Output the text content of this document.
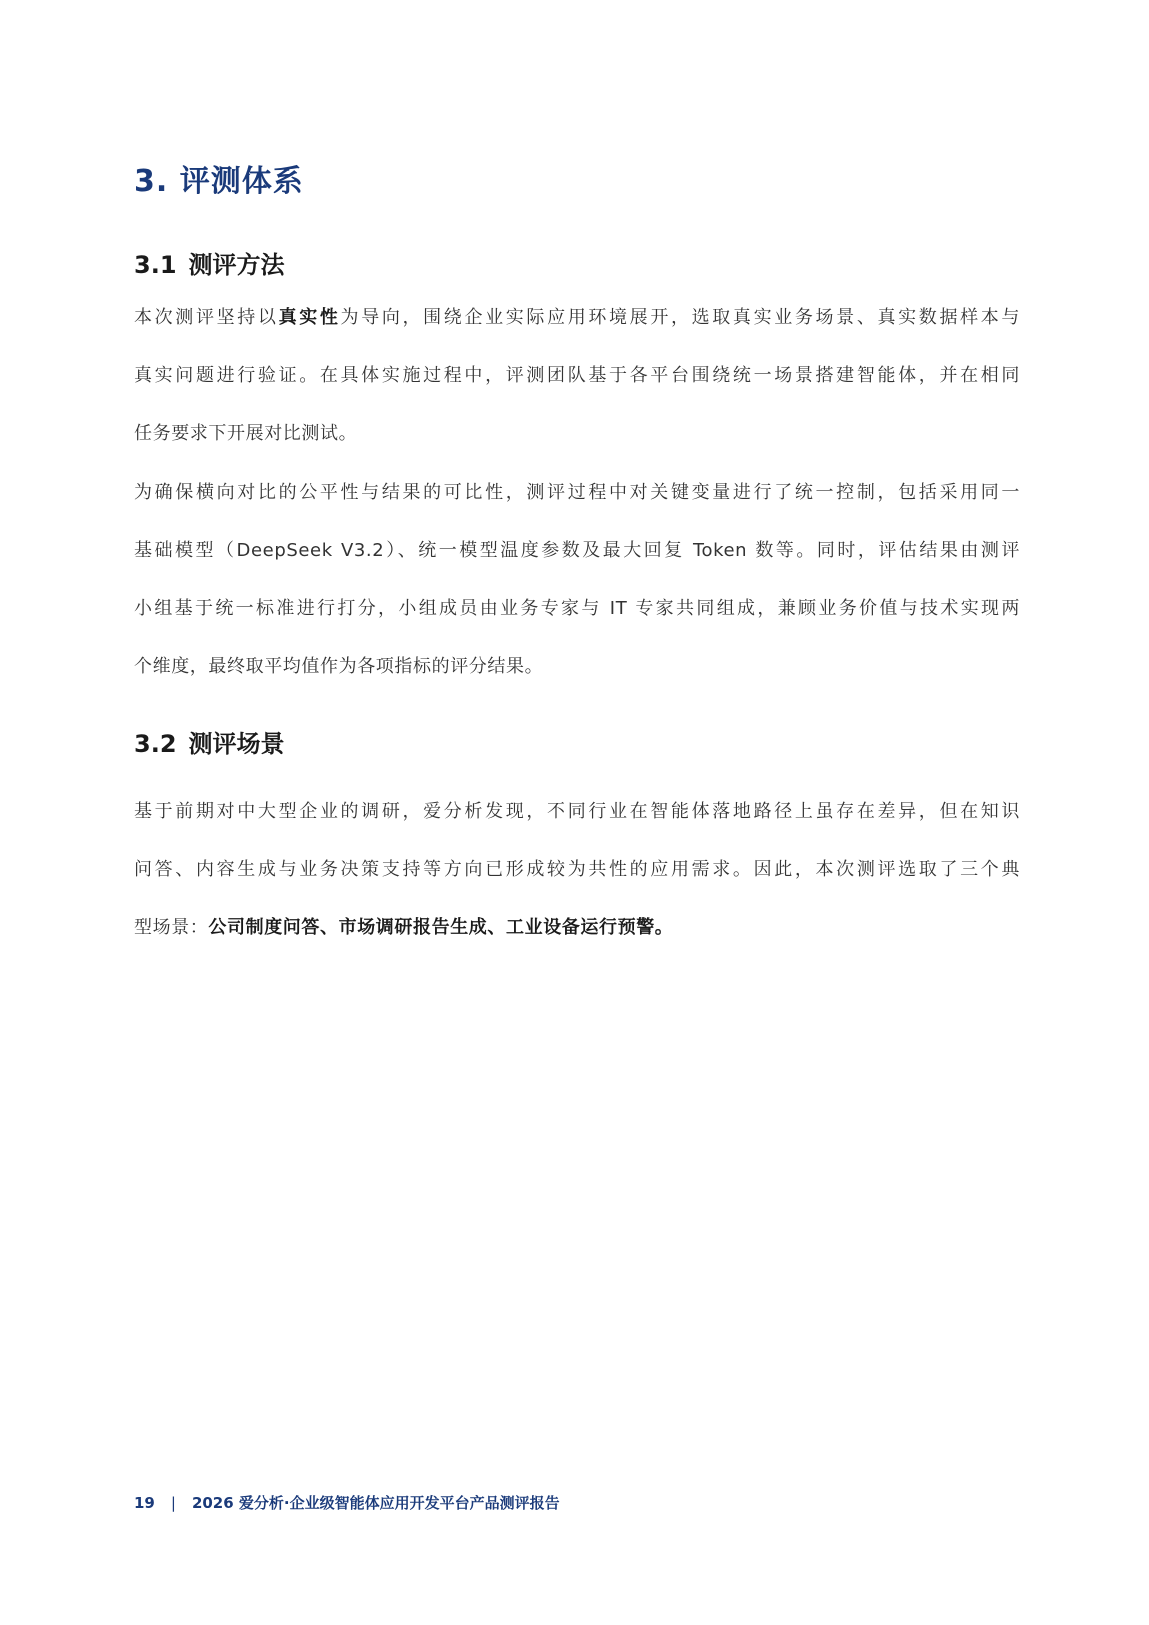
3. 评测体系
3.1 测评方法

本次测评坚持以真实性为导向，围绕企业实际应用环境展开，选取真实业务场景、真实数据样本与
真实问题进行验证。在具体实施过程中，评测团队基于各平台围绕统一场景搭建智能体，并在相同
任务要求下开展对比测试。

为确保横向对比的公平性与结果的可比性，测评过程中对关键变量进行了统一控制，包括采用同一
基础模型（DeepSeek V3.2）、统一模型温度参数及最大回复 Token 数等。同时，评估结果由测评
小组基于统一标准进行打分，小组成员由业务专家与 IT 专家共同组成，兼顾业务价值与技术实现两
个维度，最终取平均值作为各项指标的评分结果。

3.2 测评场景

基于前期对中大型企业的调研，爱分析发现，不同行业在智能体落地路径上虽存在差异，但在知识
问答、内容生成与业务决策支持等方向已形成较为共性的应用需求。因此，本次测评选取了三个典
型场景：公司制度问答、市场调研报告生成、工业设备运行预警。

19 | 2026 爱分析·企业级智能体应用开发平台产品测评报告
